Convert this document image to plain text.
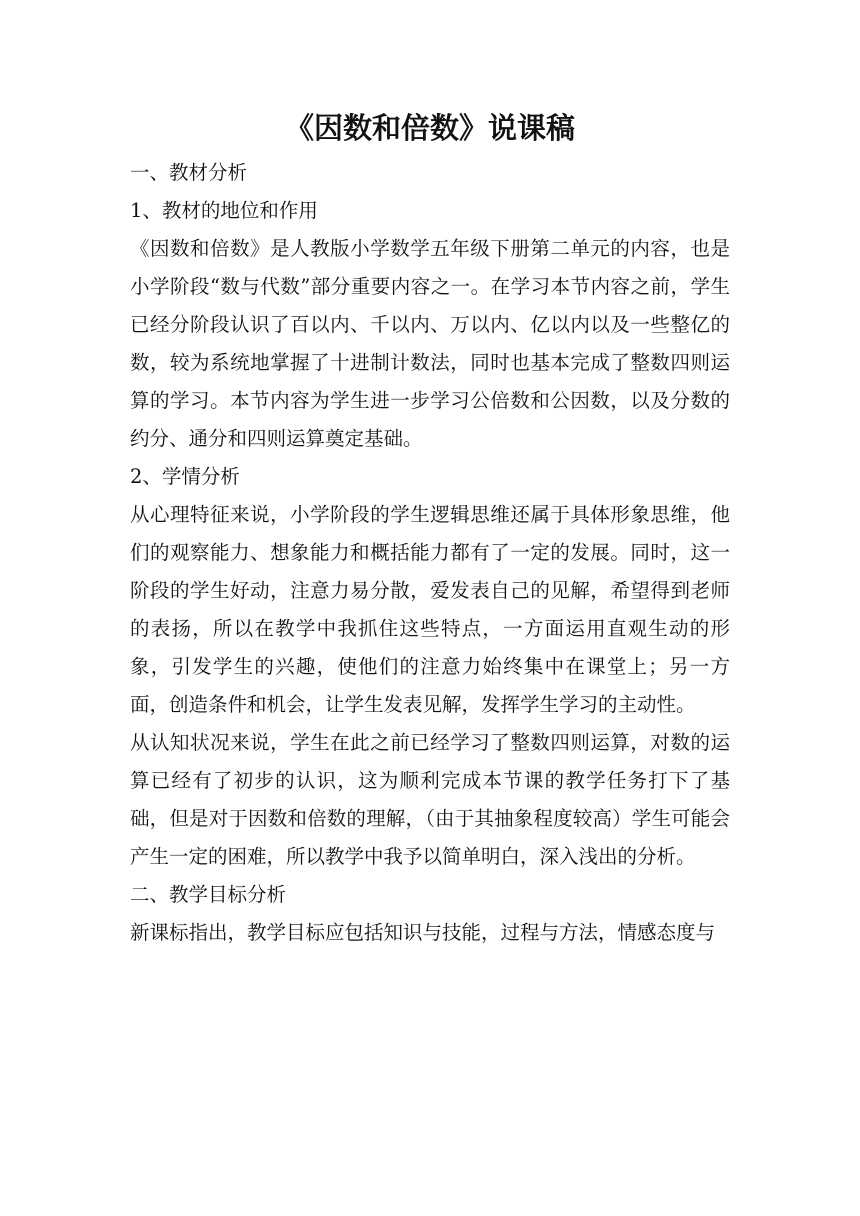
《因数和倍数》说课稿

一、教材分析

1、教材的地位和作用

《因数和倍数》是人教版小学数学五年级下册第二单元的内容，也是小学阶段“数与代数”部分重要内容之一。在学习本节内容之前，学生已经分阶段认识了百以内、千以内、万以内、亿以内以及一些整亿的数，较为系统地掌握了十进制计数法，同时也基本完成了整数四则运算的学习。本节内容为学生进一步学习公倍数和公因数，以及分数的约分、通分和四则运算奠定基础。

2、学情分析

从心理特征来说，小学阶段的学生逻辑思维还属于具体形象思维，他们的观察能力、想象能力和概括能力都有了一定的发展。同时，这一阶段的学生好动，注意力易分散，爱发表自己的见解，希望得到老师的表扬，所以在教学中我抓住这些特点，一方面运用直观生动的形象，引发学生的兴趣，使他们的注意力始终集中在课堂上；另一方面，创造条件和机会，让学生发表见解，发挥学生学习的主动性。

从认知状况来说，学生在此之前已经学习了整数四则运算，对数的运算已经有了初步的认识，这为顺利完成本节课的教学任务打下了基础，但是对于因数和倍数的理解，（由于其抽象程度较高）学生可能会产生一定的困难，所以教学中我予以简单明白，深入浅出的分析。

二、教学目标分析

新课标指出，教学目标应包括知识与技能，过程与方法，情感态度与
